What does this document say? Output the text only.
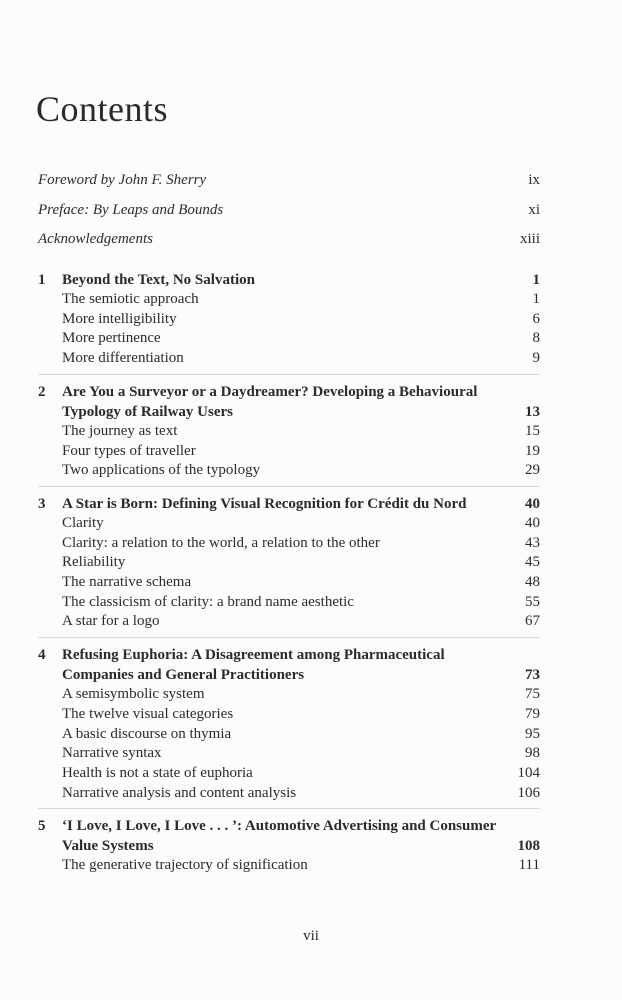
Contents
Foreword by John F. Sherry	ix
Preface: By Leaps and Bounds	xi
Acknowledgements	xiii
1	Beyond the Text, No Salvation	1
The semiotic approach	1
More intelligibility	6
More pertinence	8
More differentiation	9
2	Are You a Surveyor or a Daydreamer? Developing a Behavioural Typology of Railway Users	13
The journey as text	15
Four types of traveller	19
Two applications of the typology	29
3	A Star is Born: Defining Visual Recognition for Crédit du Nord	40
Clarity	40
Clarity: a relation to the world, a relation to the other	43
Reliability	45
The narrative schema	48
The classicism of clarity: a brand name aesthetic	55
A star for a logo	67
4	Refusing Euphoria: A Disagreement among Pharmaceutical Companies and General Practitioners	73
A semisymbolic system	75
The twelve visual categories	79
A basic discourse on thymia	95
Narrative syntax	98
Health is not a state of euphoria	104
Narrative analysis and content analysis	106
5	‘I Love, I Love, I Love . . . ’: Automotive Advertising and Consumer Value Systems	108
The generative trajectory of signification	111
vii
